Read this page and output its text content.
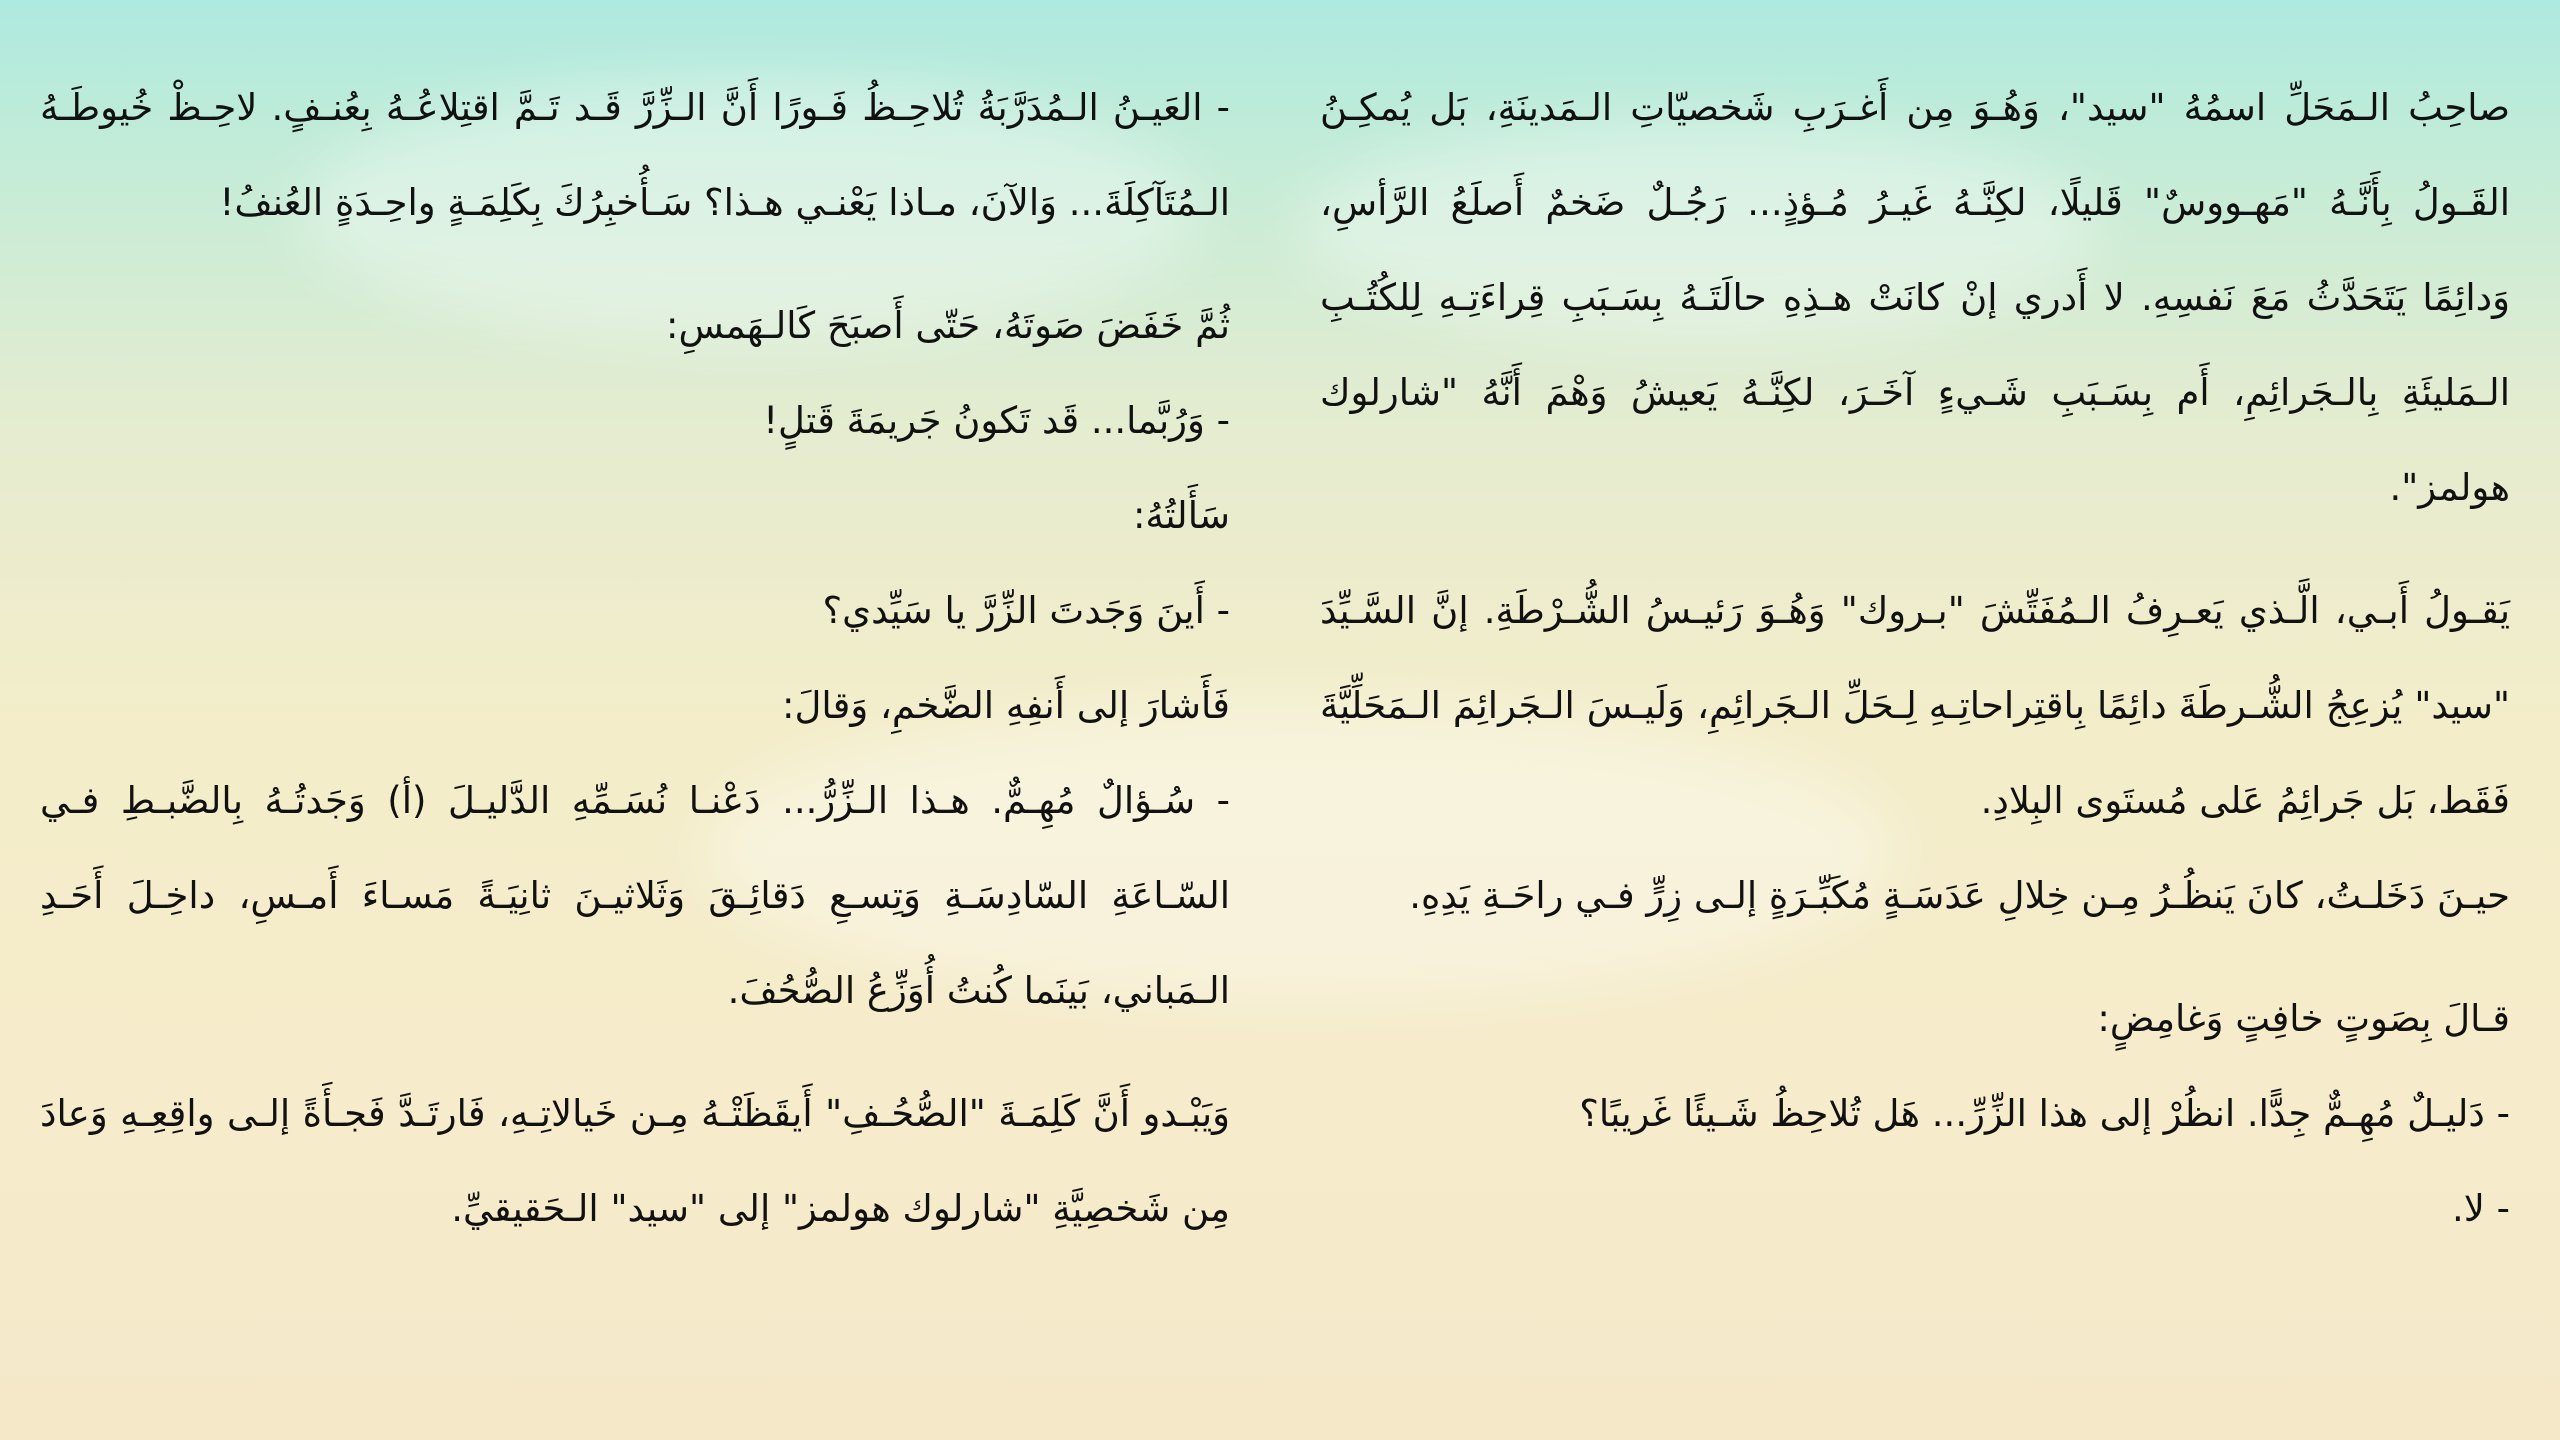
صاحِبُ الـمَحَلِّ اسمُهُ "سيد"، وَهُـوَ مِن أَغـرَبِ شَخصيّاتِ الـمَدينَةِ، بَل يُمكِـنُ القَـولُ بِأَنَّـهُ "مَهـووسٌ" قَليلًا، لكِنَّـهُ غَيـرُ مُـؤذٍ... رَجُـلٌ ضَخمٌ أَصلَعُ الرَّأسِ، وَدائِمًا يَتَحَدَّثُ مَعَ نَفسِهِ. لا أَدري إنْ كانَتْ هـذِهِ حالَتَـهُ بِسَـبَبِ قِراءَتِـهِ لِلكُتُـبِ الـمَليئَةِ بِالـجَرائِمِ، أَم بِسَـبَبِ شَـيءٍ آخَـرَ، لكِنَّـهُ يَعيشُ وَهْمَ أَنَّهُ "شارلوك هولمز".

يَقـولُ أَبـي، الَّـذي يَعـرِفُ الـمُفَتِّشَ "بـروك" وَهُـوَ رَئيـسُ الشُّـرْطَةِ. إنَّ السَّـيِّدَ "سيد" يُزعِجُ الشُّـرطَةَ دائِمًا بِاقتِراحاتِـهِ لِـحَلِّ الـجَرائِمِ، وَلَيـسَ الـجَرائِمَ الـمَحَلِّيَّةَ فَقَط، بَل جَرائِمُ عَلى مُستَوى البِلادِ.

حيـنَ دَخَلـتُ، كانَ يَنظُـرُ مِـن خِلالِ عَدَسَـةٍ مُكَبِّـرَةٍ إلـى زِرٍّ فـي راحَـةِ يَدِهِ.

قـالَ بِصَوتٍ خافِتٍ وَغامِضٍ:

- دَليـلٌ مُهِـمٌّ جِدًّا. انظُرْ إلى هذا الزِّرِّ... هَل تُلاحِظُ شَـيئًا غَريبًا؟

- لا.

- العَيـنُ الـمُدَرَّبَةُ تُلاحِـظُ فَـورًا أَنَّ الـزِّرَّ قَـد تَـمَّ اقتِلاعُـهُ بِعُنـفٍ. لاحِـظْ خُيوطَـهُ الـمُتَآكِلَةَ... وَالآنَ، مـاذا يَعْنـي هـذا؟ سَـأُخبِرُكَ بِكَلِمَـةٍ واحِـدَةٍ العُنفُ!

ثُمَّ خَفَضَ صَوتَهُ، حَتّى أَصبَحَ كَالـهَمسِ:

- وَرُبَّما... قَد تَكونُ جَريمَةَ قَتلٍ!

سَأَلتُهُ:

- أَينَ وَجَدتَ الزِّرَّ يا سَيِّدي؟

فَأَشارَ إلى أَنفِهِ الضَّخمِ، وَقالَ:

- سُـؤالٌ مُهِـمٌّ. هـذا الـزِّرُّ... دَعْنـا نُسَـمِّهِ الدَّليـلَ (أ) وَجَدتُـهُ بِالضَّبـطِ فـي السّـاعَةِ السّادِسَـةِ وَتِسـعِ دَقائِـقَ وَثَلاثيـنَ ثانِيَـةً مَسـاءَ أَمـسِ، داخِـلَ أَحَـدِ الـمَباني، بَينَما كُنتُ أُوَزِّعُ الصُّحُفَ.

وَيَبْـدو أَنَّ كَلِمَـةَ "الصُّحُـفِ" أَيقَظَتْـهُ مِـن خَيالاتِـهِ، فَارتَـدَّ فَجـأَةً إلـى واقِعِـهِ وَعادَ مِن شَخصِيَّةِ "شارلوك هولمز" إلى "سيد" الـحَقيقيِّ.
